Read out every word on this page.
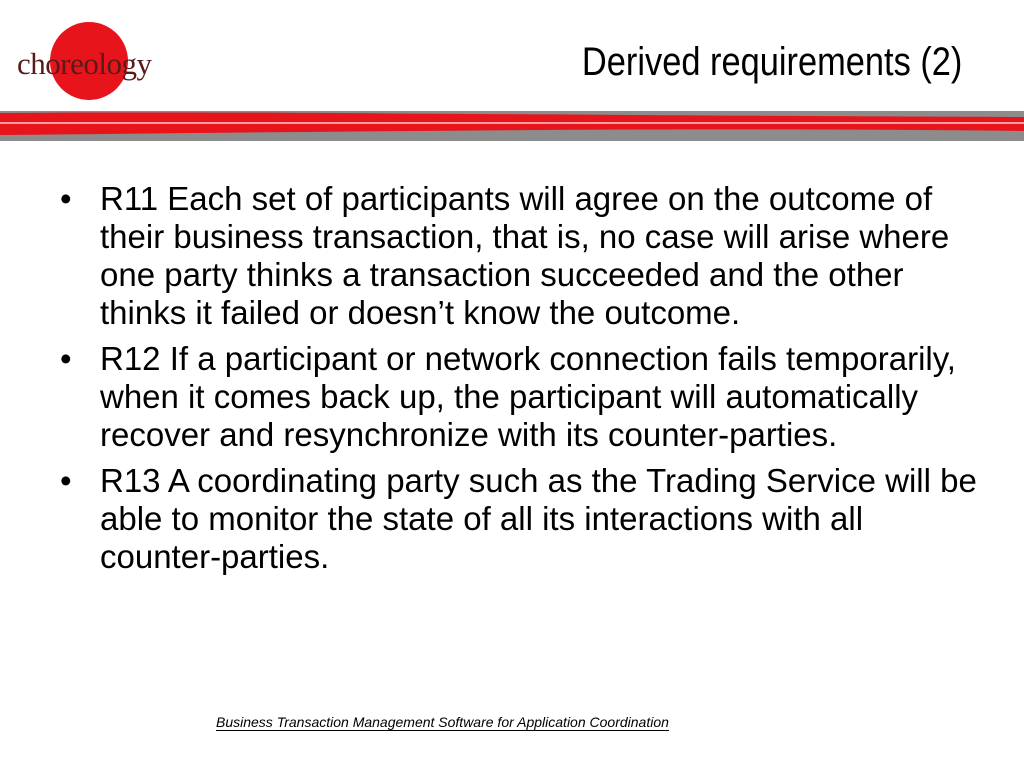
choreology	Derived requirements (2)
• R11 Each set of participants will agree on the outcome of their business transaction, that is, no case will arise where one party thinks a transaction succeeded and the other thinks it failed or doesn’t know the outcome.
• R12 If a participant or network connection fails temporarily, when it comes back up, the participant will automatically recover and resynchronize with its counter-parties.
• R13 A coordinating party such as the Trading Service will be able to monitor the state of all its interactions with all counter-parties.
Business Transaction Management Software for Application Coordination
